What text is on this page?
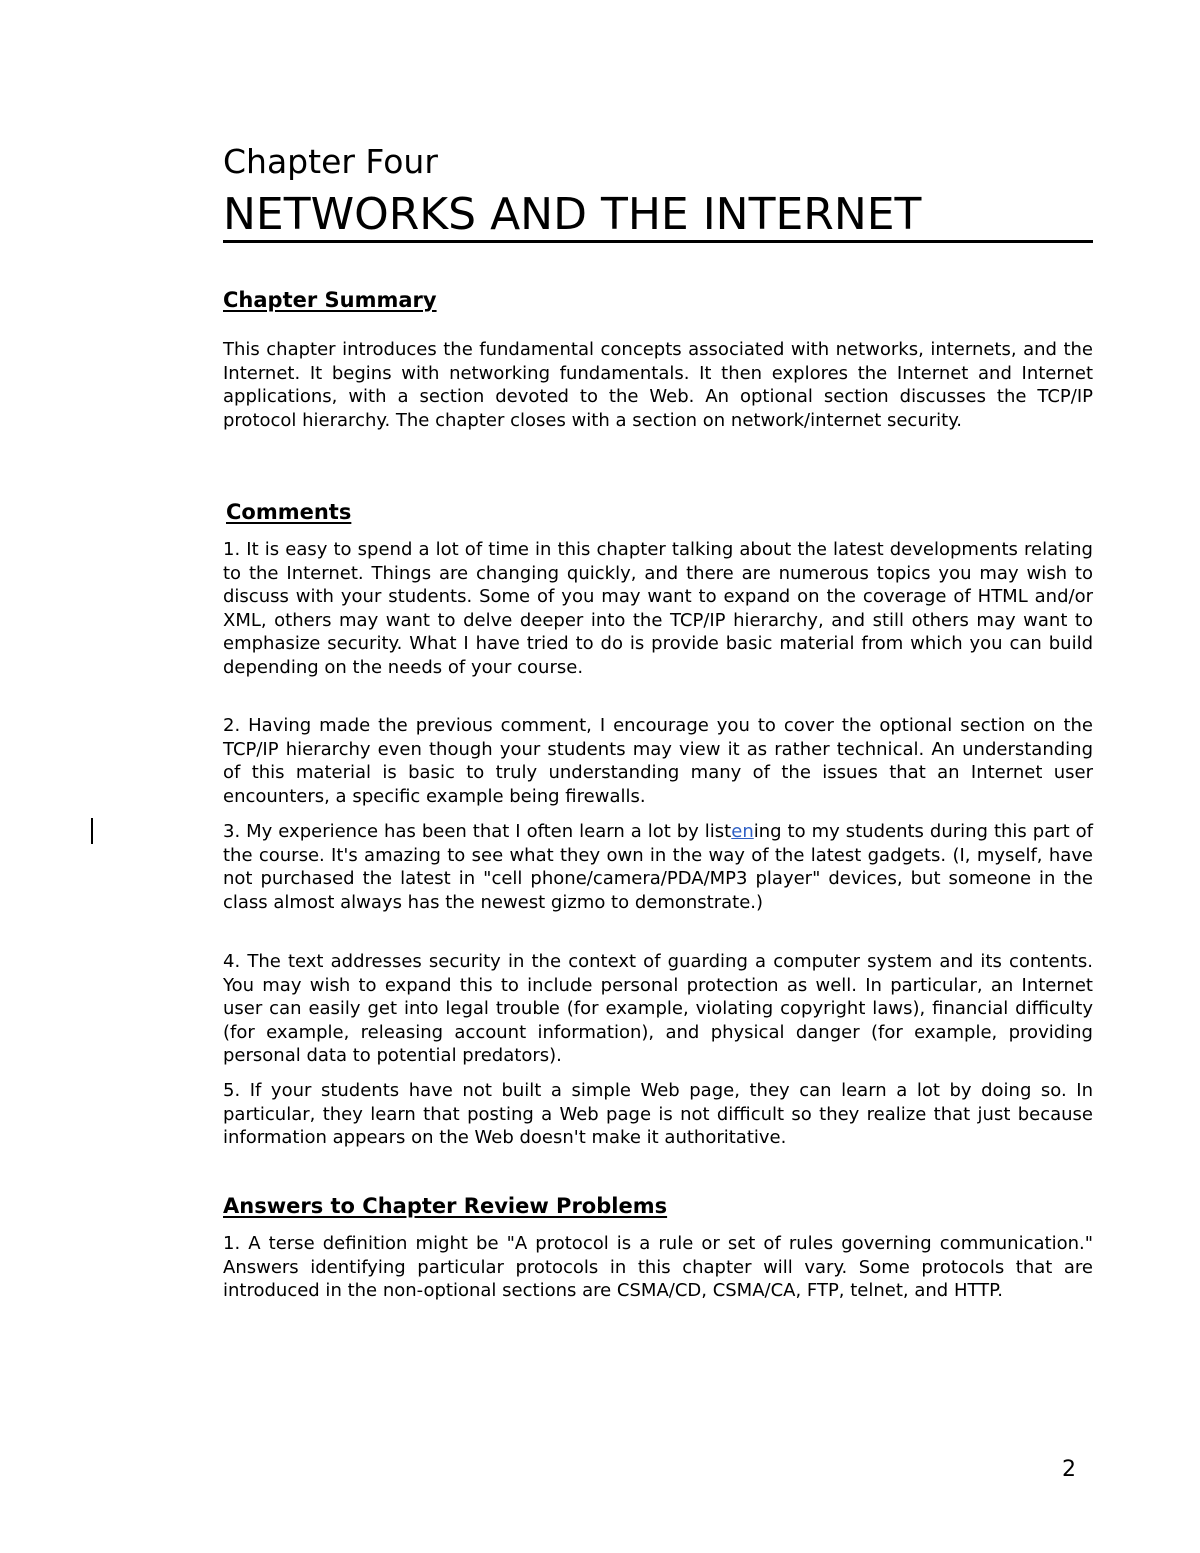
Chapter Four
NETWORKS AND THE INTERNET
Chapter Summary

This chapter introduces the fundamental concepts associated with networks, internets, and the Internet. It begins with networking fundamentals. It then explores the Internet and Internet applications, with a section devoted to the Web. An optional section discusses the TCP/IP protocol hierarchy. The chapter closes with a section on network/internet security.

Comments

1. It is easy to spend a lot of time in this chapter talking about the latest developments relating to the Internet. Things are changing quickly, and there are numerous topics you may wish to discuss with your students. Some of you may want to expand on the coverage of HTML and/or XML, others may want to delve deeper into the TCP/IP hierarchy, and still others may want to emphasize security. What I have tried to do is provide basic material from which you can build depending on the needs of your course.

2. Having made the previous comment, I encourage you to cover the optional section on the TCP/IP hierarchy even though your students may view it as rather technical. An understanding of this material is basic to truly understanding many of the issues that an Internet user encounters, a specific example being firewalls.

3. My experience has been that I often learn a lot by listening to my students during this part of the course. It's amazing to see what they own in the way of the latest gadgets. (I, myself, have not purchased the latest in "cell phone/camera/PDA/MP3 player" devices, but someone in the class almost always has the newest gizmo to demonstrate.)

4. The text addresses security in the context of guarding a computer system and its contents. You may wish to expand this to include personal protection as well. In particular, an Internet user can easily get into legal trouble (for example, violating copyright laws), financial difficulty (for example, releasing account information), and physical danger (for example, providing personal data to potential predators).

5. If your students have not built a simple Web page, they can learn a lot by doing so. In particular, they learn that posting a Web page is not difficult so they realize that just because information appears on the Web doesn't make it authoritative.

Answers to Chapter Review Problems

1. A terse definition might be "A protocol is a rule or set of rules governing communication." Answers identifying particular protocols in this chapter will vary. Some protocols that are introduced in the non-optional sections are CSMA/CD, CSMA/CA, FTP, telnet, and HTTP.

2
